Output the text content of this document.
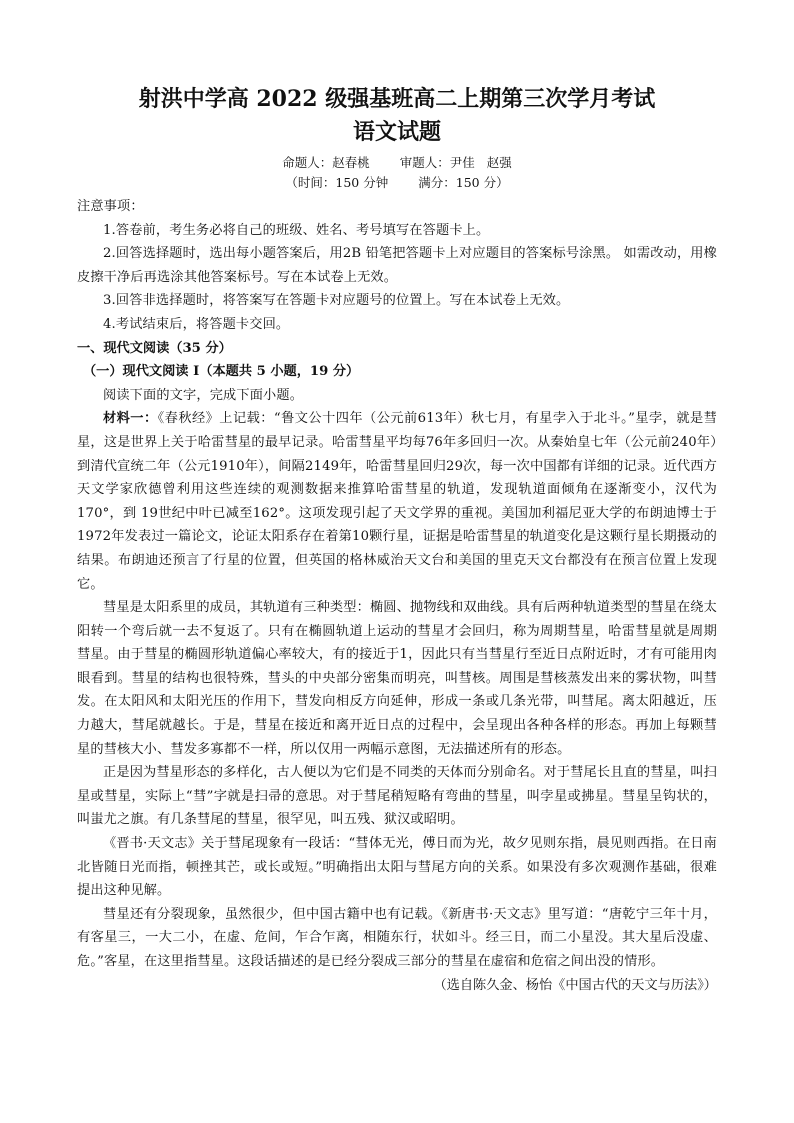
射洪中学高 2022 级强基班高二上期第三次学月考试
语文试题
命题人：赵春桃 审题人：尹佳 赵强
（时间：150 分钟 满分：150 分）

注意事项：

1.答卷前，考生务必将自己的班级、姓名、考号填写在答题卡上。

2.回答选择题时，选出每小题答案后，用2B 铅笔把答题卡上对应题目的答案标号涂黑。 如需改动，用橡皮擦干净后再选涂其他答案标号。写在本试卷上无效。

3.回答非选择题时，将答案写在答题卡对应题号的位置上。写在本试卷上无效。

4.考试结束后，将答题卡交回。

一、现代文阅读（35 分）

（一）现代文阅读 I（本题共 5 小题，19 分）

阅读下面的文字，完成下面小题。

材料一：《春秋经》上记载：“鲁文公十四年（公元前613年）秋七月，有星孛入于北斗。”星孛，就是彗星，这是世界上关于哈雷彗星的最早记录。哈雷彗星平均每76年多回归一次。从秦始皇七年（公元前240年）到清代宣统二年（公元1910年），间隔2149年，哈雷彗星回归29次，每一次中国都有详细的记录。近代西方天文学家欣德曾利用这些连续的观测数据来推算哈雷彗星的轨道，发现轨道面倾角在逐渐变小，汉代为170°，到 19世纪中叶已减至162°。这项发现引起了天文学界的重视。美国加利福尼亚大学的布朗迪博士于1972年发表过一篇论文，论证太阳系存在着第10颗行星，证据是哈雷彗星的轨道变化是这颗行星长期摄动的结果。布朗迪还预言了行星的位置，但英国的格林威治天文台和美国的里克天文台都没有在预言位置上发现它。

彗星是太阳系里的成员，其轨道有三种类型：椭圆、抛物线和双曲线。具有后两种轨道类型的彗星在绕太阳转一个弯后就一去不复返了。只有在椭圆轨道上运动的彗星才会回归，称为周期彗星，哈雷彗星就是周期彗星。由于彗星的椭圆形轨道偏心率较大，有的接近于1，因此只有当彗星行至近日点附近时，才有可能用肉眼看到。彗星的结构也很特殊，彗头的中央部分密集而明亮，叫彗核。周围是彗核蒸发出来的雾状物，叫彗发。在太阳风和太阳光压的作用下，彗发向相反方向延伸，形成一条或几条光带，叫彗尾。离太阳越近，压力越大，彗尾就越长。于是，彗星在接近和离开近日点的过程中，会呈现出各种各样的形态。再加上每颗彗星的彗核大小、彗发多寡都不一样，所以仅用一两幅示意图，无法描述所有的形态。

正是因为彗星形态的多样化，古人便以为它们是不同类的天体而分别命名。对于彗尾长且直的彗星，叫扫星或彗星，实际上“彗”字就是扫帚的意思。对于彗尾稍短略有弯曲的彗星，叫孛星或拂星。彗星呈钩状的，叫蚩尤之旗。有几条彗尾的彗星，很罕见，叫五残、狱汉或昭明。

《晋书·天文志》关于彗尾现象有一段话：“彗体无光，傅日而为光，故夕见则东指，晨见则西指。在日南北皆随日光而指，顿挫其芒，或长或短。”明确指出太阳与彗尾方向的关系。如果没有多次观测作基础，很难提出这种见解。

彗星还有分裂现象，虽然很少，但中国古籍中也有记载。《新唐书·天文志》里写道：“唐乾宁三年十月，有客星三，一大二小，在虚、危间，乍合乍离，相随东行，状如斗。经三日，而二小星没。其大星后没虚、危。”客星，在这里指彗星。这段话描述的是已经分裂成三部分的彗星在虚宿和危宿之间出没的情形。

（选自陈久金、杨怡《中国古代的天文与历法》）
